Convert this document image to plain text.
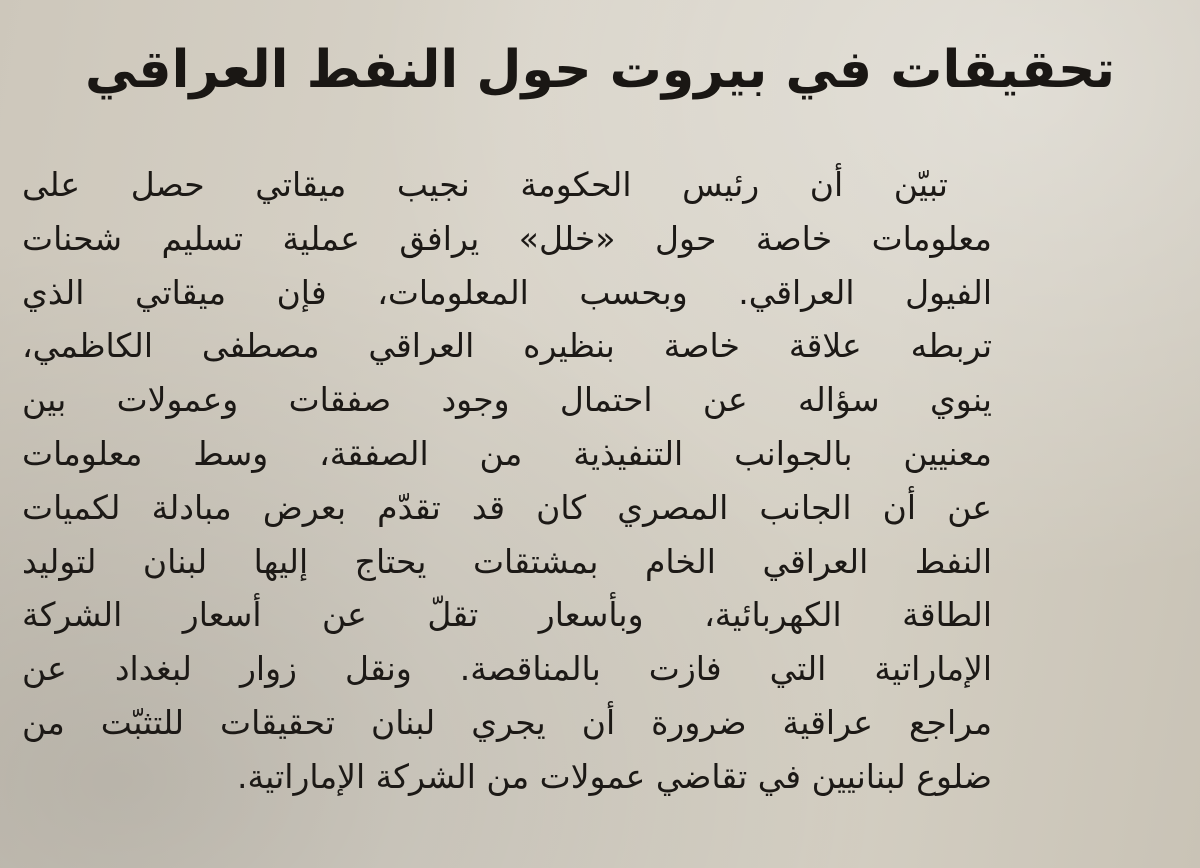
تحقيقات في بيروت حول النفط العراقي
تبيّن أن رئيس الحكومة نجيب ميقاتي حصل على
معلومات خاصة حول «خلل» يرافق عملية تسليم شحنات
الفيول العراقي. وبحسب المعلومات، فإن ميقاتي الذي
تربطه علاقة خاصة بنظيره العراقي مصطفى الكاظمي،
ينوي سؤاله عن احتمال وجود صفقات وعمولات بين
معنيين بالجوانب التنفيذية من الصفقة، وسط معلومات
عن أن الجانب المصري كان قد تقدّم بعرض مبادلة لكميات
النفط العراقي الخام بمشتقات يحتاج إليها لبنان لتوليد
الطاقة الكهربائية، وبأسعار تقلّ عن أسعار الشركة
الإماراتية التي فازت بالمناقصة. ونقل زوار لبغداد عن
مراجع عراقية ضرورة أن يجري لبنان تحقيقات للتثبّت من
ضلوع لبنانيين في تقاضي عمولات من الشركة الإماراتية.
